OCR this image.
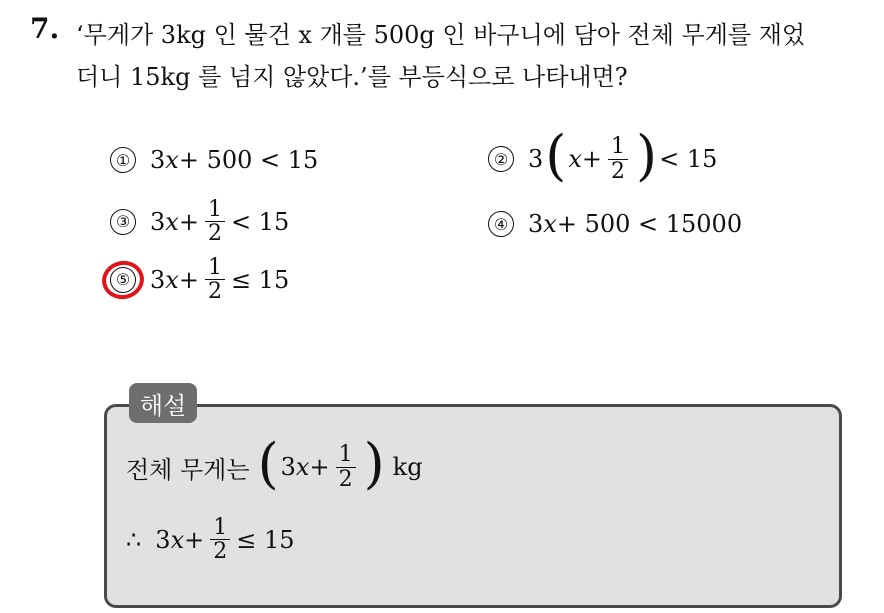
7. ‘무게가 3kg 인 물건 x 개를 500g 인 바구니에 담아 전체 무게를 재었
더니 15kg 를 넘지 않았다.’를 부등식으로 나타내면?
① 3 x + 500 < 15	② 3 ( $x + \frac{1}{2}$ ) < 15
③ 3 $x + \frac{1}{2} < 15$	④ 3 x + 500 < 15000
⑤ 3 $x + \frac{1}{2} \le 15$
해설
전체 무게는 ( 3 $x + \frac{1}{2}$ ) kg
∴ 3 $x + \frac{1}{2} \le 15$
